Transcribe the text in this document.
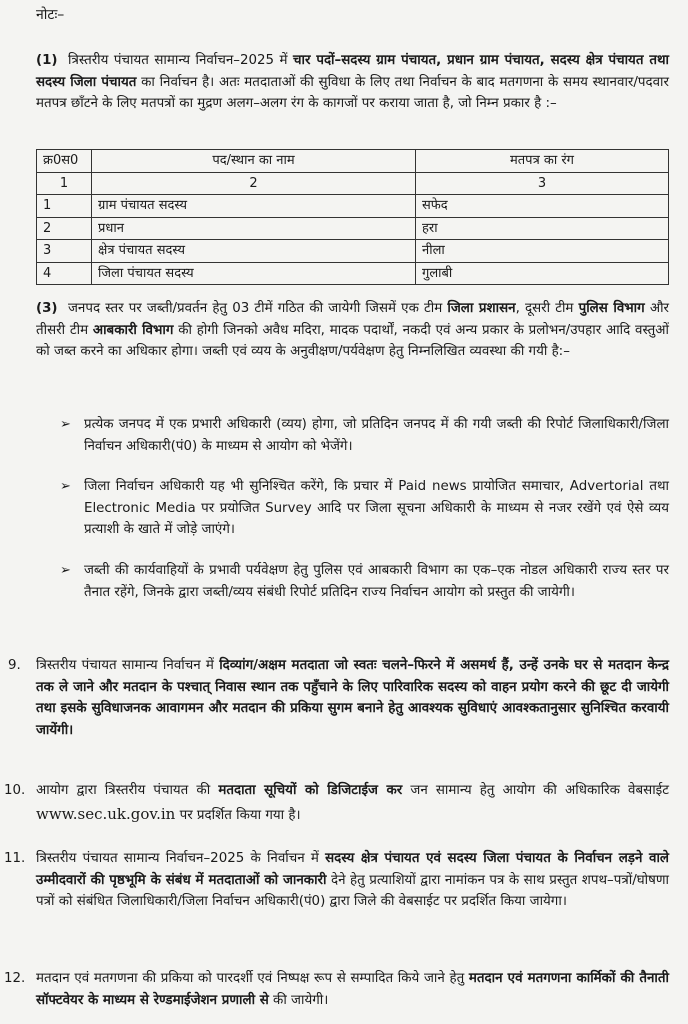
नोटः–
(1) त्रिस्तरीय पंचायत सामान्य निर्वाचन–2025 में चार पदों–सदस्य ग्राम पंचायत, प्रधान ग्राम पंचायत, सदस्य क्षेत्र पंचायत तथा सदस्य जिला पंचायत का निर्वाचन है। अतः मतदाताओं की सुविधा के लिए तथा निर्वाचन के बाद मतगणना के समय स्थानवार/पदवार मतपत्र छाँटने के लिए मतपत्रों का मुद्रण अलग–अलग रंग के कागजों पर कराया जाता है, जो निम्न प्रकार है :–
क्र0स0	पद/स्थान का नाम	मतपत्र का रंग
1	2	3
1	ग्राम पंचायत सदस्य	सफेद
2	प्रधान	हरा
3	क्षेत्र पंचायत सदस्य	नीला
4	जिला पंचायत सदस्य	गुलाबी
(3) जनपद स्तर पर जब्ती/प्रवर्तन हेतु 03 टीमें गठित की जायेगी जिसमें एक टीम जिला प्रशासन, दूसरी टीम पुलिस विभाग और तीसरी टीम आबकारी विभाग की होगी जिनको अवैध मदिरा, मादक पदार्थों, नकदी एवं अन्य प्रकार के प्रलोभन/उपहार आदि वस्तुओं को जब्त करने का अधिकार होगा। जब्ती एवं व्यय के अनुवीक्षण/पर्यवेक्षण हेतु निम्नलिखित व्यवस्था की गयी है:–
➢ प्रत्येक जनपद में एक प्रभारी अधिकारी (व्यय) होगा, जो प्रतिदिन जनपद में की गयी जब्ती की रिपोर्ट जिलाधिकारी/जिला निर्वाचन अधिकारी(पं0) के माध्यम से आयोग को भेजेंगे।
➢ जिला निर्वाचन अधिकारी यह भी सुनिश्चित करेंगे, कि प्रचार में Paid news प्रायोजित समाचार, Advertorial तथा Electronic Media पर प्रयोजित Survey आदि पर जिला सूचना अधिकारी के माध्यम से नजर रखेंगे एवं ऐसे व्यय प्रत्याशी के खाते में जोड़े जाएंगे।
➢ जब्ती की कार्यवाहियों के प्रभावी पर्यवेक्षण हेतु पुलिस एवं आबकारी विभाग का एक–एक नोडल अधिकारी राज्य स्तर पर तैनात रहेंगे, जिनके द्वारा जब्ती/व्यय संबंधी रिपोर्ट प्रतिदिन राज्य निर्वाचन आयोग को प्रस्तुत की जायेगी।
9. त्रिस्तरीय पंचायत सामान्य निर्वाचन में दिव्यांग/अक्षम मतदाता जो स्वतः चलने–फिरने में असमर्थ हैं, उन्हें उनके घर से मतदान केन्द्र तक ले जाने और मतदान के पश्चात् निवास स्थान तक पहुँचाने के लिए पारिवारिक सदस्य को वाहन प्रयोग करने की छूट दी जायेगी तथा इसके सुविधाजनक आवागमन और मतदान की प्रकिया सुगम बनाने हेतु आवश्यक सुविधाएं आवश्कतानुसार सुनिश्चित करवायी जायेंगी।
10. आयोग द्वारा त्रिस्तरीय पंचायत की मतदाता सूचियों को डिजिटाईज कर जन सामान्य हेतु आयोग की अधिकारिक वेबसाईट www.sec.uk.gov.in पर प्रदर्शित किया गया है।
11. त्रिस्तरीय पंचायत सामान्य निर्वाचन–2025 के निर्वाचन में सदस्य क्षेत्र पंचायत एवं सदस्य जिला पंचायत के निर्वाचन लड़ने वाले उम्मीदवारों की पृष्ठभूमि के संबंध में मतदाताओं को जानकारी देने हेतु प्रत्याशियों द्वारा नामांकन पत्र के साथ प्रस्तुत शपथ–पत्रों/घोषणा पत्रों को संबंधित जिलाधिकारी/जिला निर्वाचन अधिकारी(पं0) द्वारा जिले की वेबसाईट पर प्रदर्शित किया जायेगा।
12. मतदान एवं मतगणना की प्रकिया को पारदर्शी एवं निष्पक्ष रूप से सम्पादित किये जाने हेतु मतदान एवं मतगणना कार्मिकों की तैनाती सॉफ्टवेयर के माध्यम से रेण्डमाईजेशन प्रणाली से की जायेगी।
